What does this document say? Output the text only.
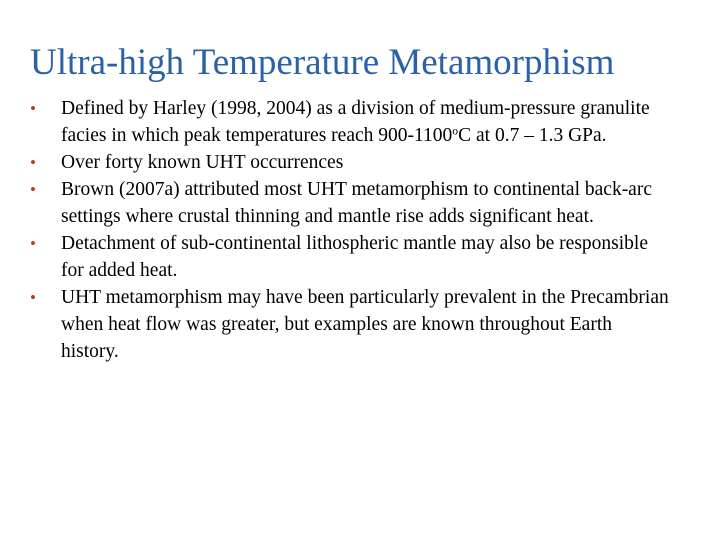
Ultra-high Temperature Metamorphism
•	Defined by Harley (1998, 2004) as a division of medium-pressure granulite facies in which peak temperatures reach 900-1100$^o$C at 0.7 – 1.3 GPa.
•	Over forty known UHT occurrences
•	Brown (2007a) attributed most UHT metamorphism to continental back-arc settings where crustal thinning and mantle rise adds significant heat.
•	Detachment of sub-continental lithospheric mantle may also be responsible for added heat.
•	UHT metamorphism may have been particularly prevalent in the Precambrian when heat flow was greater, but examples are known throughout Earth history.
